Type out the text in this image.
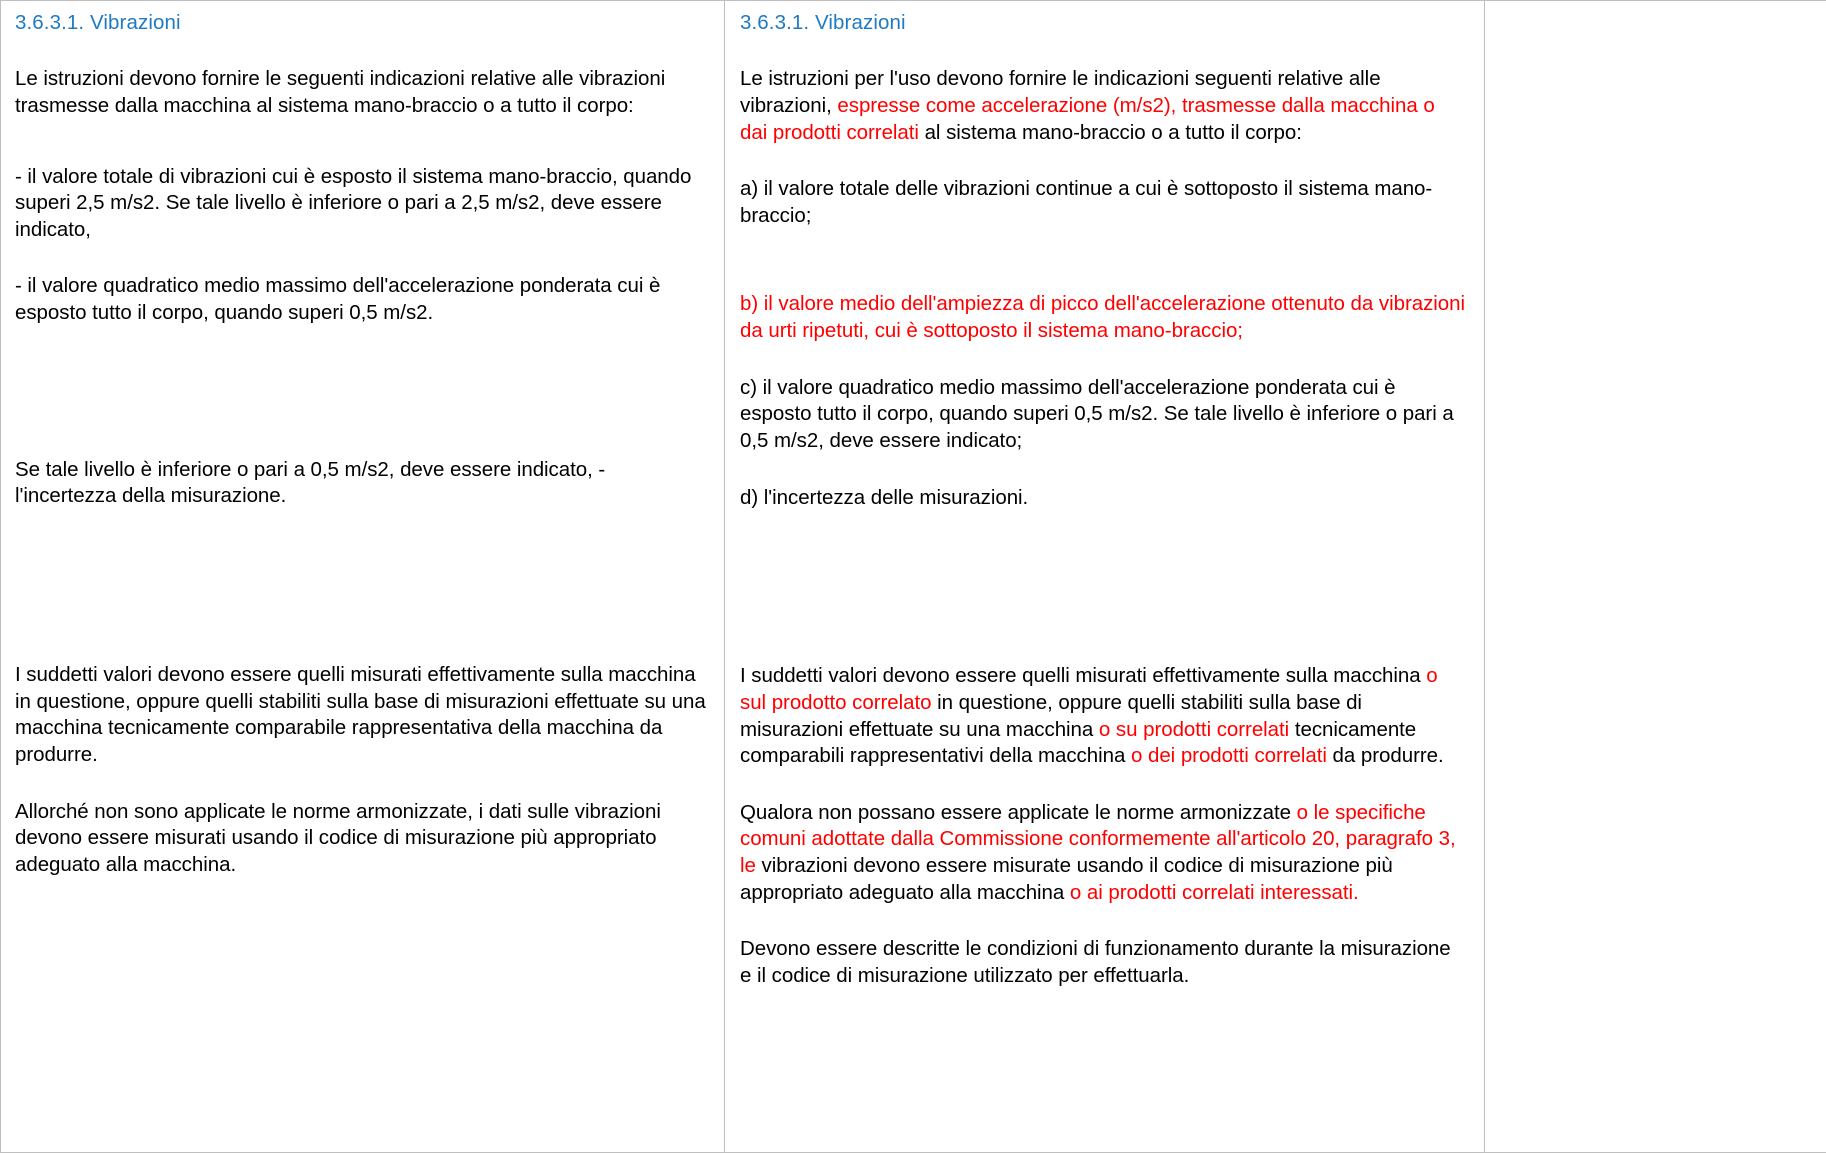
3.6.3.1. Vibrazioni

Le istruzioni devono fornire le seguenti indicazioni relative alle vibrazioni trasmesse dalla macchina al sistema mano-braccio o a tutto il corpo:

- il valore totale di vibrazioni cui è esposto il sistema mano-braccio, quando superi 2,5 m/s2. Se tale livello è inferiore o pari a 2,5 m/s2, deve essere indicato,

- il valore quadratico medio massimo dell'accelerazione ponderata cui è esposto tutto il corpo, quando superi 0,5 m/s2.

Se tale livello è inferiore o pari a 0,5 m/s2, deve essere indicato, - l'incertezza della misurazione.

I suddetti valori devono essere quelli misurati effettivamente sulla macchina in questione, oppure quelli stabiliti sulla base di misurazioni effettuate su una macchina tecnicamente comparabile rappresentativa della macchina da produrre.

Allorché non sono applicate le norme armonizzate, i dati sulle vibrazioni devono essere misurati usando il codice di misurazione più appropriato adeguato alla macchina.

3.6.3.1. Vibrazioni

Le istruzioni per l'uso devono fornire le indicazioni seguenti relative alle vibrazioni, espresse come accelerazione (m/s2), trasmesse dalla macchina o dai prodotti correlati al sistema mano-braccio o a tutto il corpo:

a) il valore totale delle vibrazioni continue a cui è sottoposto il sistema mano- braccio;

b) il valore medio dell'ampiezza di picco dell'accelerazione ottenuto da vibrazioni da urti ripetuti, cui è sottoposto il sistema mano-braccio;

c) il valore quadratico medio massimo dell'accelerazione ponderata cui è esposto tutto il corpo, quando superi 0,5 m/s2. Se tale livello è inferiore o pari a 0,5 m/s2, deve essere indicato;

d) l'incertezza delle misurazioni.

I suddetti valori devono essere quelli misurati effettivamente sulla macchina o sul prodotto correlato in questione, oppure quelli stabiliti sulla base di misurazioni effettuate su una macchina o su prodotti correlati tecnicamente comparabili rappresentativi della macchina o dei prodotti correlati da produrre.

Qualora non possano essere applicate le norme armonizzate o le specifiche comuni adottate dalla Commissione conformemente all'articolo 20, paragrafo 3, le vibrazioni devono essere misurate usando il codice di misurazione più appropriato adeguato alla macchina o ai prodotti correlati interessati.

Devono essere descritte le condizioni di funzionamento durante la misurazione e il codice di misurazione utilizzato per effettuarla.
